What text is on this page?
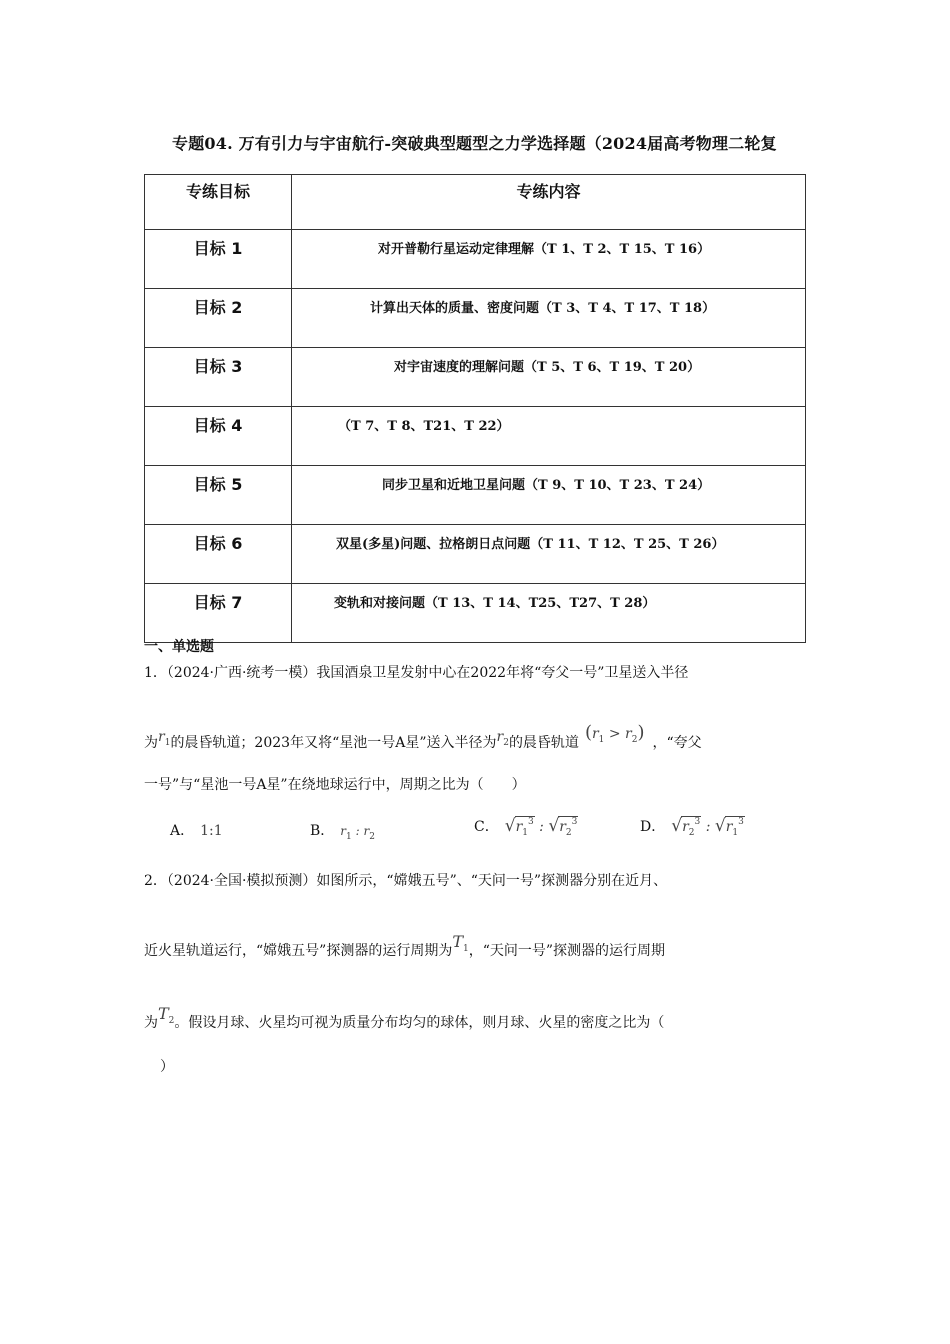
专题04. 万有引力与宇宙航行-突破典型题型之力学选择题（2024届高考物理二轮复
专练目标	专练内容
目标 1	对开普勒行星运动定律理解（T 1、T 2、T 15、T 16）
目标 2	计算出天体的质量、密度问题（T 3、T 4、T 17、T 18）
目标 3	对宇宙速度的理解问题（T 5、T 6、T 19、T 20）
目标 4	（T 7、T 8、T21、T 22）
目标 5	同步卫星和近地卫星问题（T 9、T 10、T 23、T 24）
目标 6	双星(多星)问题、拉格朗日点问题（T 11、T 12、T 25、T 26）
目标 7	变轨和对接问题（T 13、T 14、T25、T27、T 28）
一、单选题
1．（2024·广西·统考一模）我国酒泉卫星发射中心在2022年将“夸父一号”卫星送入半径
为$r_1$的晨昏轨道；2023年又将“星池一号A星”送入半径为$r_2$的晨昏轨道 $(r_1 > r_2)$ ，“夸父
一号”与“星池一号A星”在绕地球运行中，周期之比为（　　）
A． 1:1	B． $r_1$ : $r_2$
C． $√r_1^3$ : $√r_2^3$	D． $√r_2^3$ : $√r_1^3$
2．（2024·全国·模拟预测）如图所示，“嫦娥五号”、“天问一号”探测器分别在近月、
近火星轨道运行，“嫦娥五号”探测器的运行周期为$T_1$，“天问一号”探测器的运行周期
为$T_2$。假设月球、火星均可视为质量分布均匀的球体，则月球、火星的密度之比为（
）
